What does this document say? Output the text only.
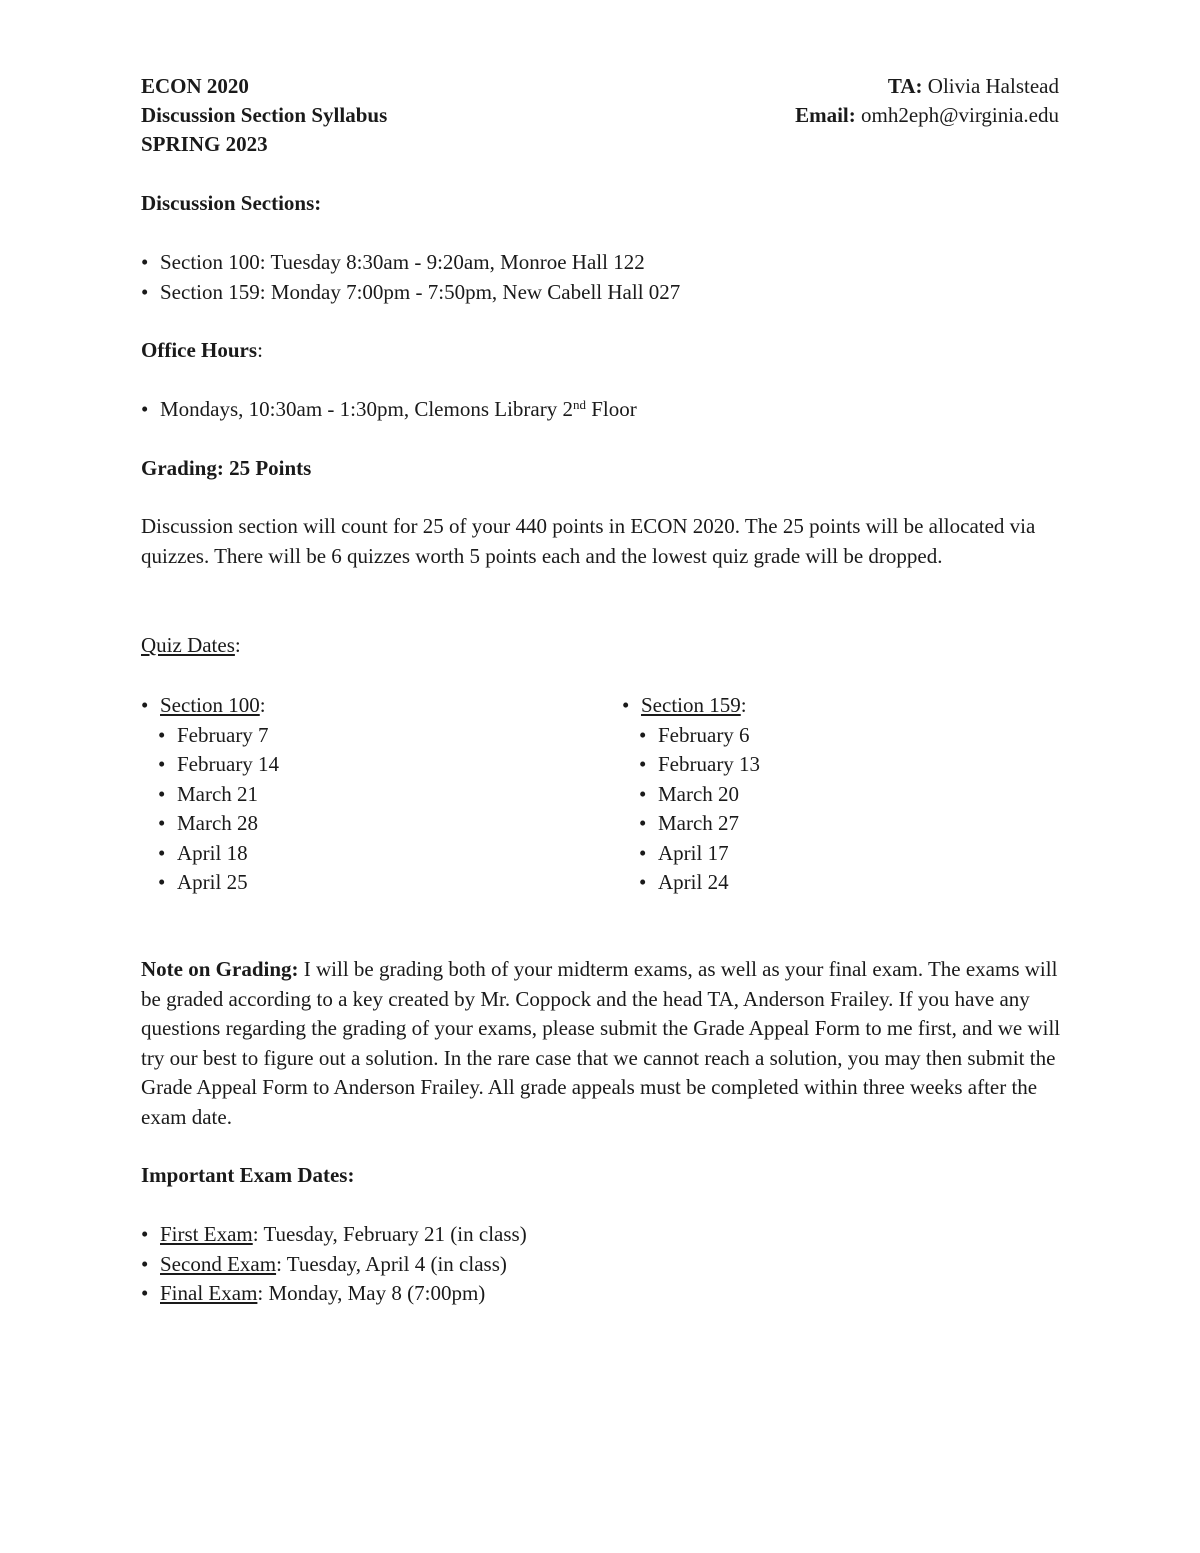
ECON 2020
Discussion Section Syllabus
SPRING 2023
TA: Olivia Halstead
Email: omh2eph@virginia.edu
Discussion Sections:
• Section 100: Tuesday 8:30am - 9:20am, Monroe Hall 122
• Section 159: Monday 7:00pm - 7:50pm, New Cabell Hall 027
Office Hours:
• Mondays, 10:30am - 1:30pm, Clemons Library 2nd Floor
Grading: 25 Points
Discussion section will count for 25 of your 440 points in ECON 2020. The 25 points will be allocated via quizzes. There will be 6 quizzes worth 5 points each and the lowest quiz grade will be dropped.
Quiz Dates:
• Section 100:
• February 7
• February 14
• March 21
• March 28
• April 18
• April 25
• Section 159:
• February 6
• February 13
• March 20
• March 27
• April 17
• April 24
Note on Grading: I will be grading both of your midterm exams, as well as your final exam. The exams will be graded according to a key created by Mr. Coppock and the head TA, Anderson Frailey. If you have any questions regarding the grading of your exams, please submit the Grade Appeal Form to me first, and we will try our best to figure out a solution. In the rare case that we cannot reach a solution, you may then submit the Grade Appeal Form to Anderson Frailey. All grade appeals must be completed within three weeks after the exam date.
Important Exam Dates:
• First Exam: Tuesday, February 21 (in class)
• Second Exam: Tuesday, April 4 (in class)
• Final Exam: Monday, May 8 (7:00pm)
